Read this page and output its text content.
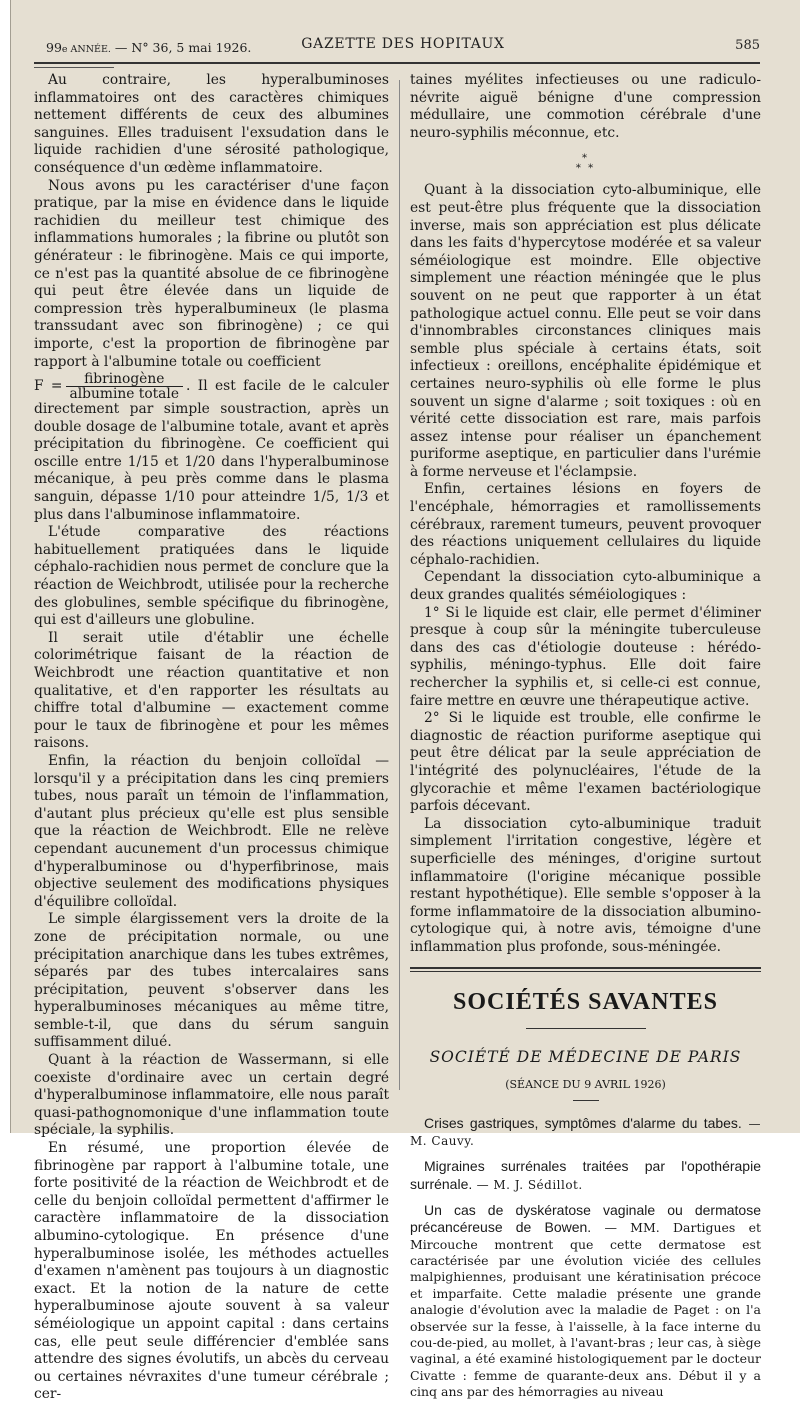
99e ANNÉE. — N° 36, 5 mai 1926.	GAZETTE DES HOPITAUX	585

Au contraire, les hyperalbuminoses inflammatoires ont des caractères chimiques nettement différents de ceux des albumines sanguines. Elles traduisent l'exsudation dans le liquide rachidien d'une sérosité pathologique, conséquence d'un œdème inflammatoire.

Nous avons pu les caractériser d'une façon pratique, par la mise en évidence dans le liquide rachidien du meilleur test chimique des inflammations humorales ; la fibrine ou plutôt son générateur : le fibrinogène. Mais ce qui importe, ce n'est pas la quantité absolue de ce fibrinogène qui peut être élevée dans un liquide de compression très hyperalbumineux (le plasma transsudant avec son fibrinogène) ; ce qui importe, c'est la proportion de fibrinogène par rapport à l'albumine totale ou coefficient

$F = \frac{\text{fibrinogène}}{\text{albumine totale}}$ . Il est facile de le calculer directement par simple soustraction, après un double dosage de l'albumine totale, avant et après précipitation du fibrinogène. Ce coefficient qui oscille entre 1/15 et 1/20 dans l'hyperalbuminose mécanique, à peu près comme dans le plasma sanguin, dépasse 1/10 pour atteindre 1/5, 1/3 et plus dans l'albuminose inflammatoire.

L'étude comparative des réactions habituellement pratiquées dans le liquide céphalo-rachidien nous permet de conclure que la réaction de Weichbrodt, utilisée pour la recherche des globulines, semble spécifique du fibrinogène, qui est d'ailleurs une globuline.

Il serait utile d'établir une échelle colorimétrique faisant de la réaction de Weichbrodt une réaction quantitative et non qualitative, et d'en rapporter les résultats au chiffre total d'albumine — exactement comme pour le taux de fibrinogène et pour les mêmes raisons.

Enfin, la réaction du benjoin colloïdal — lorsqu'il y a précipitation dans les cinq premiers tubes, nous paraît un témoin de l'inflammation, d'autant plus précieux qu'elle est plus sensible que la réaction de Weichbrodt. Elle ne relève cependant aucunement d'un processus chimique d'hyperalbuminose ou d'hyperfibrinose, mais objective seulement des modifications physiques d'équilibre colloïdal.

Le simple élargissement vers la droite de la zone de précipitation normale, ou une précipitation anarchique dans les tubes extrêmes, séparés par des tubes intercalaires sans précipitation, peuvent s'observer dans les hyperalbuminoses mécaniques au même titre, semble-t-il, que dans du sérum sanguin suffisamment dilué.

Quant à la réaction de Wassermann, si elle coexiste d'ordinaire avec un certain degré d'hyperalbuminose inflammatoire, elle nous paraît quasi-pathognomonique d'une inflammation toute spéciale, la syphilis.

En résumé, une proportion élevée de fibrinogène par rapport à l'albumine totale, une forte positivité de la réaction de Weichbrodt et de celle du benjoin colloïdal permettent d'affirmer le caractère inflammatoire de la dissociation albumino-cytologique. En présence d'une hyperalbuminose isolée, les méthodes actuelles d'examen n'amènent pas toujours à un diagnostic exact. Et la notion de la nature de cette hyperalbuminose ajoute souvent à sa valeur séméiologique un appoint capital : dans certains cas, elle peut seule différencier d'emblée sans attendre des signes évolutifs, un abcès du cerveau ou certaines névraxites d'une tumeur cérébrale ; cer-

taines myélites infectieuses ou une radiculo-névrite aiguë bénigne d'une compression médullaire, une commotion cérébrale d'une neuro-syphilis méconnue, etc.

*
* *

Quant à la dissociation cyto-albuminique, elle est peut-être plus fréquente que la dissociation inverse, mais son appréciation est plus délicate dans les faits d'hypercytose modérée et sa valeur séméiologique est moindre. Elle objective simplement une réaction méningée que le plus souvent on ne peut que rapporter à un état pathologique actuel connu. Elle peut se voir dans d'innombrables circonstances cliniques mais semble plus spéciale à certains états, soit infectieux : oreillons, encéphalite épidémique et certaines neuro-syphilis où elle forme le plus souvent un signe d'alarme ; soit toxiques : où en vérité cette dissociation est rare, mais parfois assez intense pour réaliser un épanchement puriforme aseptique, en particulier dans l'urémie à forme nerveuse et l'éclampsie.

Enfin, certaines lésions en foyers de l'encéphale, hémorragies et ramollissements cérébraux, rarement tumeurs, peuvent provoquer des réactions uniquement cellulaires du liquide céphalo-rachidien.

Cependant la dissociation cyto-albuminique a deux grandes qualités séméiologiques :

1° Si le liquide est clair, elle permet d'éliminer presque à coup sûr la méningite tuberculeuse dans des cas d'étiologie douteuse : hérédo-syphilis, méningo-typhus. Elle doit faire rechercher la syphilis et, si celle-ci est connue, faire mettre en œuvre une thérapeutique active.

2° Si le liquide est trouble, elle confirme le diagnostic de réaction puriforme aseptique qui peut être délicat par la seule appréciation de l'intégrité des polynucléaires, l'étude de la glycorachie et même l'examen bactériologique parfois décevant.

La dissociation cyto-albuminique traduit simplement l'irritation congestive, légère et superficielle des méninges, d'origine surtout inflammatoire (l'origine mécanique possible restant hypothétique). Elle semble s'opposer à la forme inflammatoire de la dissociation albumino-cytologique qui, à notre avis, témoigne d'une inflammation plus profonde, sous-méningée.

SOCIÉTÉS SAVANTES
SOCIÉTÉ DE MÉDECINE DE PARIS
(SÉANCE DU 9 AVRIL 1926)

Crises gastriques, symptômes d'alarme du tabes. — M. Cauvy.

Migraines surrénales traitées par l'opothérapie surrénale. — M. J. Sédillot.

Un cas de dyskératose vaginale ou dermatose précancéreuse de Bowen. — MM. Dartigues et Mircouche montrent que cette dermatose est caractérisée par une évolution viciée des cellules malpighiennes, produisant une kératinisation précoce et imparfaite. Cette maladie présente une grande analogie d'évolution avec la maladie de Paget : on l'a observée sur la fesse, à l'aisselle, à la face interne du cou-de-pied, au mollet, à l'avant-bras ; leur cas, à siège vaginal, a été examiné histologiquement par le docteur Civatte : femme de quarante-deux ans. Début il y a cinq ans par des hémorragies au niveau
